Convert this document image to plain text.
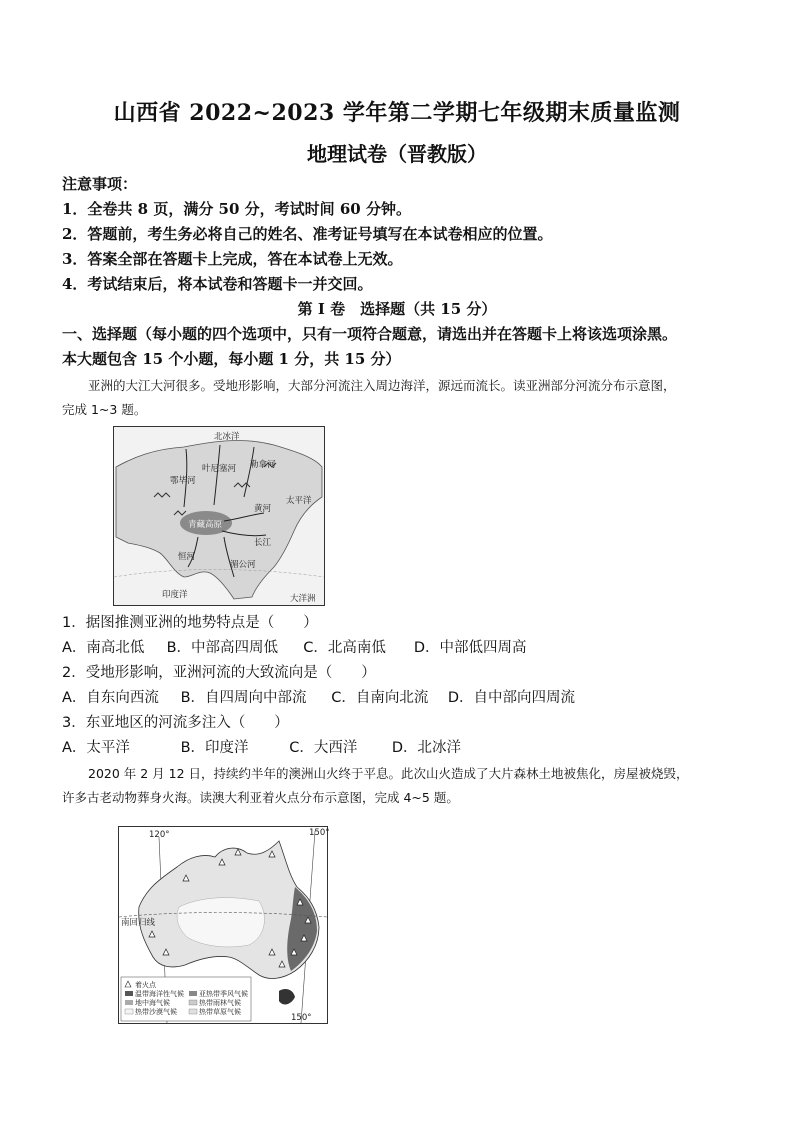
山西省 2022~2023 学年第二学期七年级期末质量监测
地理试卷（晋教版）
注意事项：
1．全卷共 8 页，满分 50 分，考试时间 60 分钟。
2．答题前，考生务必将自己的姓名、准考证号填写在本试卷相应的位置。
3．答案全部在答题卡上完成，答在本试卷上无效。
4．考试结束后，将本试卷和答题卡一并交回。
第 I 卷　选择题（共 15 分）
一、选择题（每小题的四个选项中，只有一项符合题意，请选出并在答题卡上将该选项涂黑。
本大题包含 15 个小题，每小题 1 分，共 15 分）
亚洲的大江大河很多。受地形影响，大部分河流注入周边海洋，源远而流长。读亚洲部分河流分布示意图，
完成 1~3 题。
北冰洋
太平洋
印度洋
黄河
长江
鄂毕河
叶尼塞河 勒拿河
青藏高原
恒河
湄公河
大洋洲
1．据图推测亚洲的地势特点是（　　）
A．南高北低 B．中部高四周低 C．北高南低 D．中部低四周高
2．受地形影响，亚洲河流的大致流向是（　　）
A．自东向西流 B．自四周向中部流 C．自南向北流 D．自中部向四周流
3．东亚地区的河流多注入（　　）
A．太平洋	B．印度洋	C．大西洋 D．北冰洋
2020 年 2 月 12 日，持续约半年的澳洲山火终于平息。此次山火造成了大片森林土地被焦化，房屋被烧毁，
许多古老动物葬身火海。读澳大利亚着火点分布示意图，完成 4~5 题。
120°	150°
150°
南回归线
着火点
温带海洋性气候 亚热带季风气候
地中海气候	热带雨林气候
热带沙漠气候	热带草原气候
